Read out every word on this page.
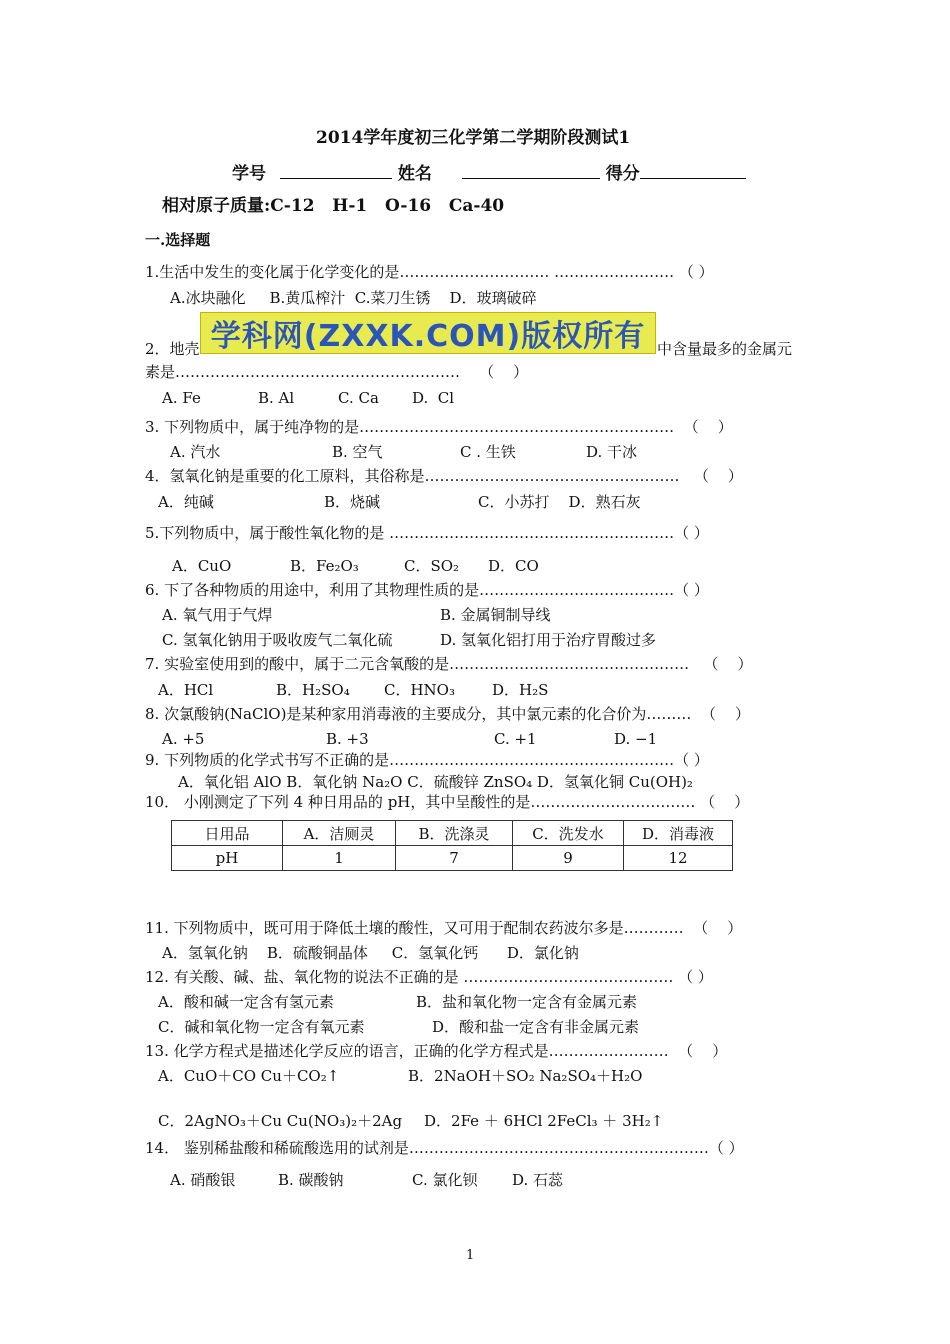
2014学年度初三化学第二学期阶段测试1
学号	姓名	得分
相对原子质量:C-12   H-1   O-16   Ca-40
一.选择题
1.生活中发生的变化属于化学变化的是………………………… …………………… （ ）
A.冰块融化     B.黄瓜榨汁  C.菜刀生锈    D．玻璃破碎
学科网(ZXXK.COM)版权所有
2．地壳	中含量最多的金属元
素是…………………………………………………    （    ）
A. Fe	B. Al	C. Ca D.  Cl
3. 下列物质中，属于纯净物的是………………………………………………………  （    ）
A. 汽水	B. 空气	C . 生铁	D. 干冰
4．氢氧化钠是重要的化工原料，其俗称是……………………………………………   （    ）
A．纯碱	B．烧碱	C．小苏打    D．熟石灰
5.下列物质中，属于酸性氧化物的是 …………………………………………………（ ）
A．CuO	B．Fe₂O₃	C．SO₂ D．CO
6. 下了各种物质的用途中，利用了其物理性质的是…………………………………（ ）
A. 氧气用于气焊	B. 金属铜制导线
C. 氢氧化钠用于吸收废气二氧化硫	D. 氢氧化铝打用于治疗胃酸过多
7. 实验室使用到的酸中，属于二元含氧酸的是…………………………………………   （    ）
A．HCl	B．H₂SO₄ C．HNO₃ D．H₂S
8. 次氯酸钠(NaClO)是某种家用消毒液的主要成分，其中氯元素的化合价为………  （    ）
A. +5	B. +3	C. +1	D. −1
9. 下列物质的化学式书写不正确的是…………………………………………………（ ）
A．氧化铝 AlO B．氧化钠 Na₂O C．硫酸锌 ZnSO₄ D．氢氧化铜 Cu(OH)₂
10． 小刚测定了下列 4 种日用品的 pH，其中呈酸性的是…………………………… （    ）
日用品	A．洁厕灵	B．洗涤灵	C．洗发水	D．消毒液
pH	1	7	9	12
11. 下列物质中，既可用于降低土壤的酸性，又可用于配制农药波尔多是…………  （    ）
A．氢氧化钠    B．硫酸铜晶体     C．氢氧化钙      D．氯化钠
12. 有关酸、碱、盐、氧化物的说法不正确的是 …………………………………… （ ）
A．酸和碱一定含有氢元素	B．盐和氧化物一定含有金属元素
C．碱和氧化物一定含有氧元素	D．酸和盐一定含有非金属元素
13. 化学方程式是描述化学反应的语言，正确的化学方程式是……………………  （    ）
A．CuO＋CO Cu＋CO₂↑	B．2NaOH＋SO₂ Na₂SO₄＋H₂O
C．2AgNO₃＋Cu Cu(NO₃)₂＋2Ag D．2Fe ＋ 6HCl 2FeCl₃ ＋ 3H₂↑
14． 鉴别稀盐酸和稀硫酸选用的试剂是……………………………………………………（ ）
A. 硝酸银	B. 碳酸钠	C. 氯化钡 D. 石蕊
1
